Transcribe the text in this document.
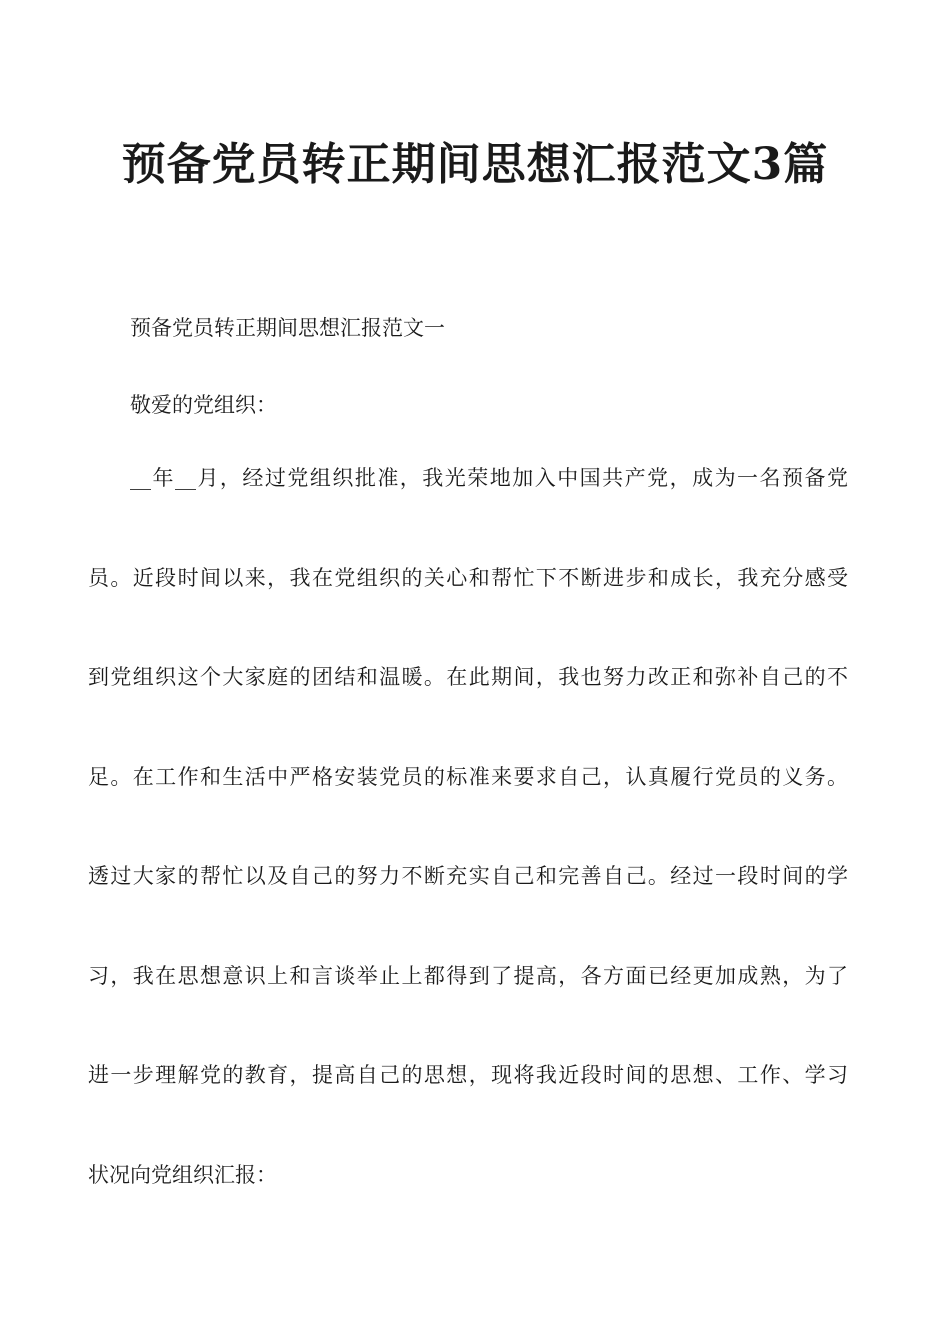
预备党员转正期间思想汇报范文3篇

预备党员转正期间思想汇报范文一

敬爱的党组织：

__年__月，经过党组织批准，我光荣地加入中国共产党，成为一名预备党

员。近段时间以来，我在党组织的关心和帮忙下不断进步和成长，我充分感受

到党组织这个大家庭的团结和温暖。在此期间，我也努力改正和弥补自己的不

足。在工作和生活中严格安装党员的标准来要求自己，认真履行党员的义务。

透过大家的帮忙以及自己的努力不断充实自己和完善自己。经过一段时间的学

习，我在思想意识上和言谈举止上都得到了提高，各方面已经更加成熟，为了

进一步理解党的教育，提高自己的思想，现将我近段时间的思想、工作、学习

状况向党组织汇报：
